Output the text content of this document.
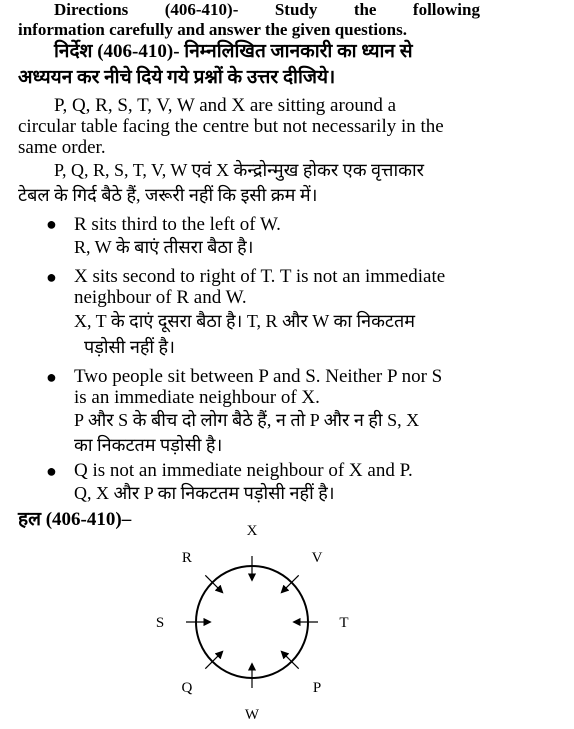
Directions (406-410)- Study the following
information carefully and answer the given questions.
निर्देश (406-410)- निम्नलिखित जानकारी का ध्यान से
अध्ययन कर नीचे दिये गये प्रश्नों के उत्तर दीजिये।
P, Q, R, S, T, V, W and X are sitting around a
circular table facing the centre but not necessarily in the
same order.
P, Q, R, S, T, V, W एवं X केन्द्रोन्मुख होकर एक वृत्ताकार
टेबल के गिर्द बैठे हैं, जरूरी नहीं कि इसी क्रम में।
● R sits third to the left of W.
R, W के बाएं तीसरा बैठा है।
● X sits second to right of T. T is not an immediate
neighbour of R and W.
X, T के दाएं दूसरा बैठा है। T, R और W का निकटतम
पड़ोसी नहीं है।
● Two people sit between P and S. Neither P nor S
is an immediate neighbour of X.
P और S के बीच दो लोग बैठे हैं, न तो P और न ही S, X
का निकटतम पड़ोसी है।
● Q is not an immediate neighbour of X and P.
Q, X और P का निकटतम पड़ोसी नहीं है।
हल (406-410)–
X
V
T
P
W
Q
S
R
